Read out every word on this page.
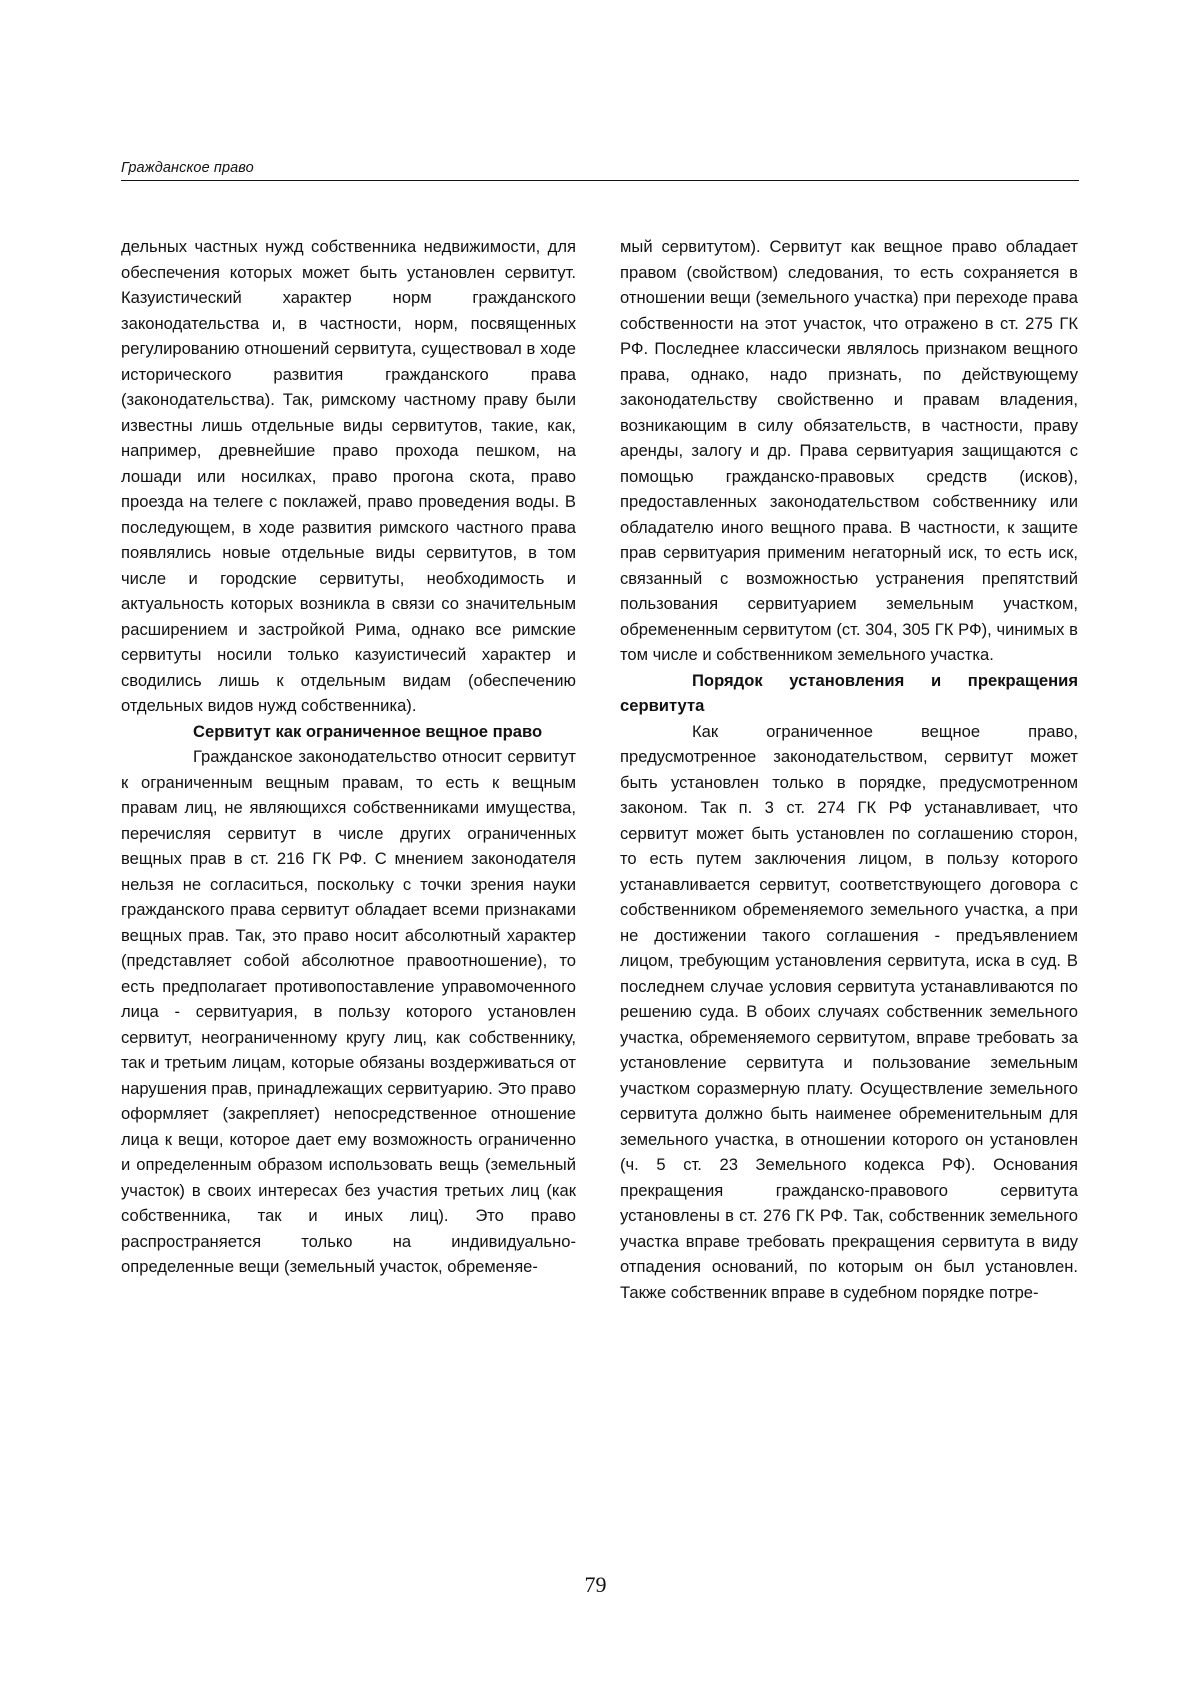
Гражданское право

дельных частных нужд собственника недвижимости, для обеспечения которых может быть установлен сервитут. Казуистический характер норм гражданского законодательства и, в частности, норм, посвященных регулированию отношений сервитута, существовал в ходе исторического развития гражданского права (законодательства). Так, римскому частному праву были известны лишь отдельные виды сервитутов, такие, как, например, древнейшие право прохода пешком, на лошади или носилках, право прогона скота, право проезда на телеге с поклажей, право проведения воды. В последующем, в ходе развития римского частного права появлялись новые отдельные виды сервитутов, в том числе и городские сервитуты, необходимость и актуальность которых возникла в связи со значительным расширением и застройкой Рима, однако все римские сервитуты носили только казуистичесий характер и сводились лишь к отдельным видам (обеспечению отдельных видов нужд собственника).

Сервитут как ограниченное вещное право

Гражданское законодательство относит сервитут к ограниченным вещным правам, то есть к вещным правам лиц, не являющихся собственниками имущества, перечисляя сервитут в числе других ограниченных вещных прав в ст. 216 ГК РФ. С мнением законодателя нельзя не согласиться, поскольку с точки зрения науки гражданского права сервитут обладает всеми признаками вещных прав. Так, это право носит абсолютный характер (представляет собой абсолютное правоотношение), то есть предполагает противопоставление управомоченного лица - сервитуария, в пользу которого установлен сервитут, неограниченному кругу лиц, как собственнику, так и третьим лицам, которые обязаны воздерживаться от нарушения прав, принадлежащих сервитуарию. Это право оформляет (закрепляет) непосредственное отношение лица к вещи, которое дает ему возможность ограниченно и определенным образом использовать вещь (земельный участок) в своих интересах без участия третьих лиц (как собственника, так и иных лиц). Это право распространяется только на индивидуально-определенные вещи (земельный участок, обременяе-

мый сервитутом). Сервитут как вещное право обладает правом (свойством) следования, то есть сохраняется в отношении вещи (земельного участка) при переходе права собственности на этот участок, что отражено в ст. 275 ГК РФ. Последнее классически являлось признаком вещного права, однако, надо признать, по действующему законодательству свойственно и правам владения, возникающим в силу обязательств, в частности, праву аренды, залогу и др. Права сервитуария защищаются с помощью гражданско-правовых средств (исков), предоставленных законодательством собственнику или обладателю иного вещного права. В частности, к защите прав сервитуария применим негаторный иск, то есть иск, связанный с возможностью устранения препятствий пользования сервитуарием земельным участком, обремененным сервитутом (ст. 304, 305 ГК РФ), чинимых в том числе и собственником земельного участка.

Порядок установления и прекращения сервитута

Как ограниченное вещное право, предусмотренное законодательством, сервитут может быть установлен только в порядке, предусмотренном законом. Так п. 3 ст. 274 ГК РФ устанавливает, что сервитут может быть установлен по соглашению сторон, то есть путем заключения лицом, в пользу которого устанавливается сервитут, соответствующего договора с собственником обременяемого земельного участка, а при не достижении такого соглашения - предъявлением лицом, требующим установления сервитута, иска в суд. В последнем случае условия сервитута устанавливаются по решению суда. В обоих случаях собственник земельного участка, обременяемого сервитутом, вправе требовать за установление сервитута и пользование земельным участком соразмерную плату. Осуществление земельного сервитута должно быть наименее обременительным для земельного участка, в отношении которого он установлен (ч. 5 ст. 23 Земельного кодекса РФ). Основания прекращения гражданско-правового сервитута установлены в ст. 276 ГК РФ. Так, собственник земельного участка вправе требовать прекращения сервитута в виду отпадения оснований, по которым он был установлен. Также собственник вправе в судебном порядке потре-

79
